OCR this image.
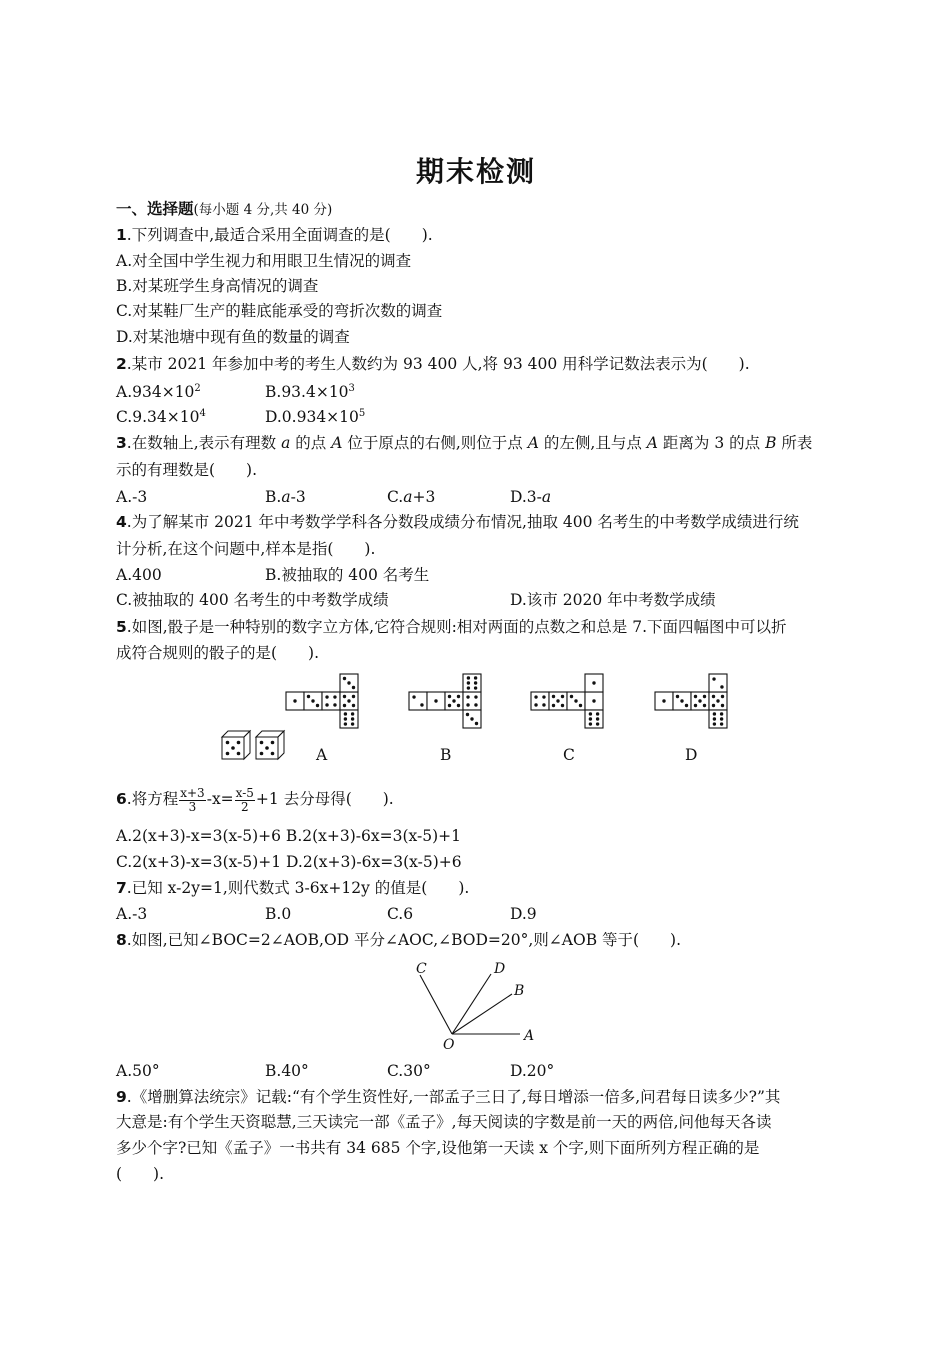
期末检测
一、选择题(每小题 4 分,共 40 分)
1.下列调查中,最适合采用全面调查的是(　　).
A.对全国中学生视力和用眼卫生情况的调查
B.对某班学生身高情况的调查
C.对某鞋厂生产的鞋底能承受的弯折次数的调查
D.对某池塘中现有鱼的数量的调查
2.某市 2021 年参加中考的考生人数约为 93 400 人,将 93 400 用科学记数法表示为(　　).
$A.934\times 10^2$	$B.93.4\times 10^3$
$C.9.34\times 10^4$	$D.0.934\times 10^5$
3.在数轴上,表示有理数 a 的点 A 位于原点的右侧,则位于点 A 的左侧,且与点 A 距离为 3 的点 B 所表
示的有理数是(　　).
A.-3	B.a-3	C.a+3	D.3-a
4.为了解某市 2021 年中考数学学科各分数段成绩分布情况,抽取 400 名考生的中考数学成绩进行统
计分析,在这个问题中,样本是指(　　).
A.400	B.被抽取的 400 名考生
C.被抽取的 400 名考生的中考数学成绩	D.该市 2020 年中考数学成绩
5.如图,骰子是一种特别的数字立方体,它符合规则:相对两面的点数之和总是 7.下面四幅图中可以折
成符合规则的骰子的是(　　).
A	B	C	D
6.将方程 $\frac{x+3}{3} -x= \frac{x-5}{2} +1$ 去分母得(　　).
A.2(x+3)-x=3(x-5)+6 B.2(x+3)-6x=3(x-5)+1
C.2(x+3)-x=3(x-5)+1 D.2(x+3)-6x=3(x-5)+6
7.已知 x-2y=1,则代数式 3-6x+12y 的值是(　　).
A.-3	B.0	C.6	D.9
8.如图,已知∠BOC=2∠AOB,OD 平分∠AOC,∠BOD=20°,则∠AOB 等于(　　).
C	D
B
A
O
A.50°	B.40°	C.30°	D.20°
9.《增删算法统宗》记载:“有个学生资性好,一部孟子三日了,每日增添一倍多,问君每日读多少?”其
大意是:有个学生天资聪慧,三天读完一部《孟子》,每天阅读的字数是前一天的两倍,问他每天各读
多少个字?已知《孟子》一书共有 34 685 个字,设他第一天读 x 个字,则下面所列方程正确的是
(　　).
